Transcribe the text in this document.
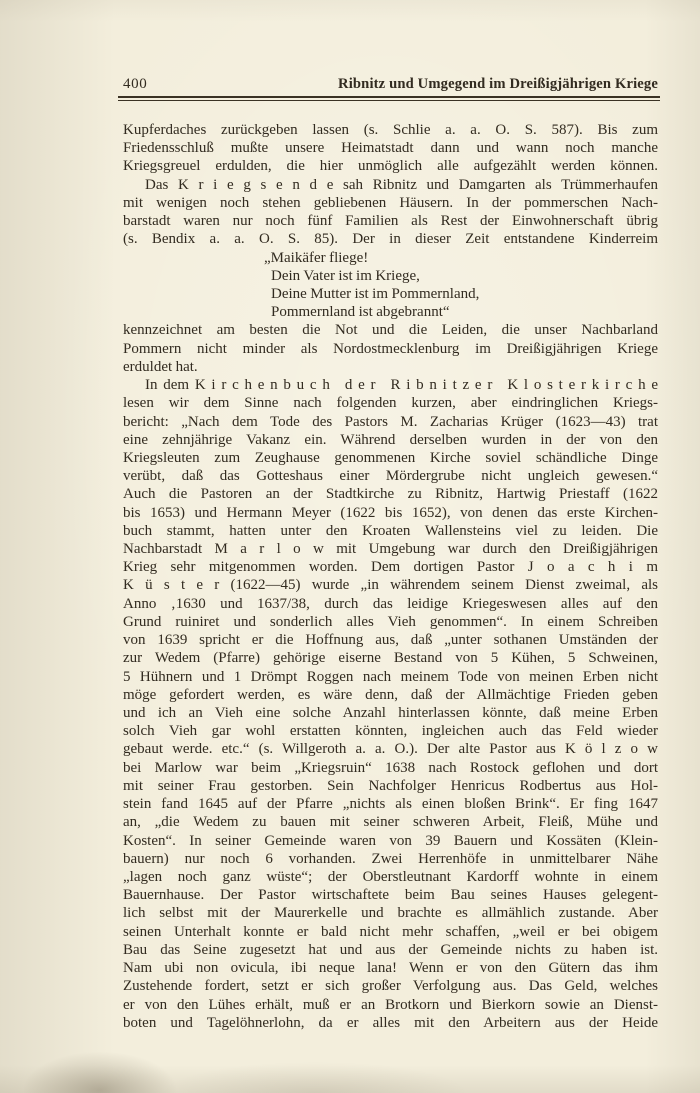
400	Ribnitz und Umgegend im Dreißigjährigen Kriege
Kupferdaches zurückgeben lassen (s. Schlie a. a. O. S. 587). Bis zum
Friedensschluß mußte unsere Heimatstadt dann und wann noch manche
Kriegsgreuel erdulden, die hier unmöglich alle aufgezählt werden können.
Das K r i e g s e n d e sah Ribnitz und Damgarten als Trümmerhaufen
mit wenigen noch stehen gebliebenen Häusern. In der pommerschen Nach-
barstadt waren nur noch fünf Familien als Rest der Einwohnerschaft übrig
(s. Bendix a. a. O. S. 85). Der in dieser Zeit entstandene Kinderreim
„Maikäfer fliege!
Dein Vater ist im Kriege,
Deine Mutter ist im Pommernland,
Pommernland ist abgebrannt“
kennzeichnet am besten die Not und die Leiden, die unser Nachbarland
Pommern nicht minder als Nordostmecklenburg im Dreißigjährigen Kriege
erduldet hat.
In dem K i r c h e n b u c h d e r R i b n i t z e r K l o s t e r k i r c h e
lesen wir dem Sinne nach folgenden kurzen, aber eindringlichen Kriegs-
bericht: „Nach dem Tode des Pastors M. Zacharias Krüger (1623—43) trat
eine zehnjährige Vakanz ein. Während derselben wurden in der von den
Kriegsleuten zum Zeughause genommenen Kirche soviel schändliche Dinge
verübt, daß das Gotteshaus einer Mördergrube nicht ungleich gewesen.“
Auch die Pastoren an der Stadtkirche zu Ribnitz, Hartwig Priestaff (1622
bis 1653) und Hermann Meyer (1622 bis 1652), von denen das erste Kirchen-
buch stammt, hatten unter den Kroaten Wallensteins viel zu leiden. Die
Nachbarstadt M a r l o w mit Umgebung war durch den Dreißigjährigen
Krieg sehr mitgenommen worden. Dem dortigen Pastor J o a c h i m
K ü s t e r (1622—45) wurde „in währendem seinem Dienst zweimal, als
Anno ‚1630 und 1637/38, durch das leidige Kriegeswesen alles auf den
Grund ruiniret und sonderlich alles Vieh genommen“. In einem Schreiben
von 1639 spricht er die Hoffnung aus, daß „unter sothanen Umständen der
zur Wedem (Pfarre) gehörige eiserne Bestand von 5 Kühen, 5 Schweinen,
5 Hühnern und 1 Drömpt Roggen nach meinem Tode von meinen Erben nicht
möge gefordert werden, es wäre denn, daß der Allmächtige Frieden geben
und ich an Vieh eine solche Anzahl hinterlassen könnte, daß meine Erben
solch Vieh gar wohl erstatten könnten, ingleichen auch das Feld wieder
gebaut werde. etc.“ (s. Willgeroth a. a. O.). Der alte Pastor aus K ö l z o w
bei Marlow war beim „Kriegsruin“ 1638 nach Rostock geflohen und dort
mit seiner Frau gestorben. Sein Nachfolger Henricus Rodbertus aus Hol-
stein fand 1645 auf der Pfarre „nichts als einen bloßen Brink“. Er fing 1647
an, „die Wedem zu bauen mit seiner schweren Arbeit, Fleiß, Mühe und
Kosten“. In seiner Gemeinde waren von 39 Bauern und Kossäten (Klein-
bauern) nur noch 6 vorhanden. Zwei Herrenhöfe in unmittelbarer Nähe
„lagen noch ganz wüste“; der Oberstleutnant Kardorff wohnte in einem
Bauernhause. Der Pastor wirtschaftete beim Bau seines Hauses gelegent-
lich selbst mit der Maurerkelle und brachte es allmählich zustande. Aber
seinen Unterhalt konnte er bald nicht mehr schaffen, „weil er bei obigem
Bau das Seine zugesetzt hat und aus der Gemeinde nichts zu haben ist.
Nam ubi non ovicula, ibi neque lana! Wenn er von den Gütern das ihm
Zustehende fordert, setzt er sich großer Verfolgung aus. Das Geld, welches
er von den Lühes erhält, muß er an Brotkorn und Bierkorn sowie an Dienst-
boten und Tagelöhnerlohn, da er alles mit den Arbeitern aus der Heide
